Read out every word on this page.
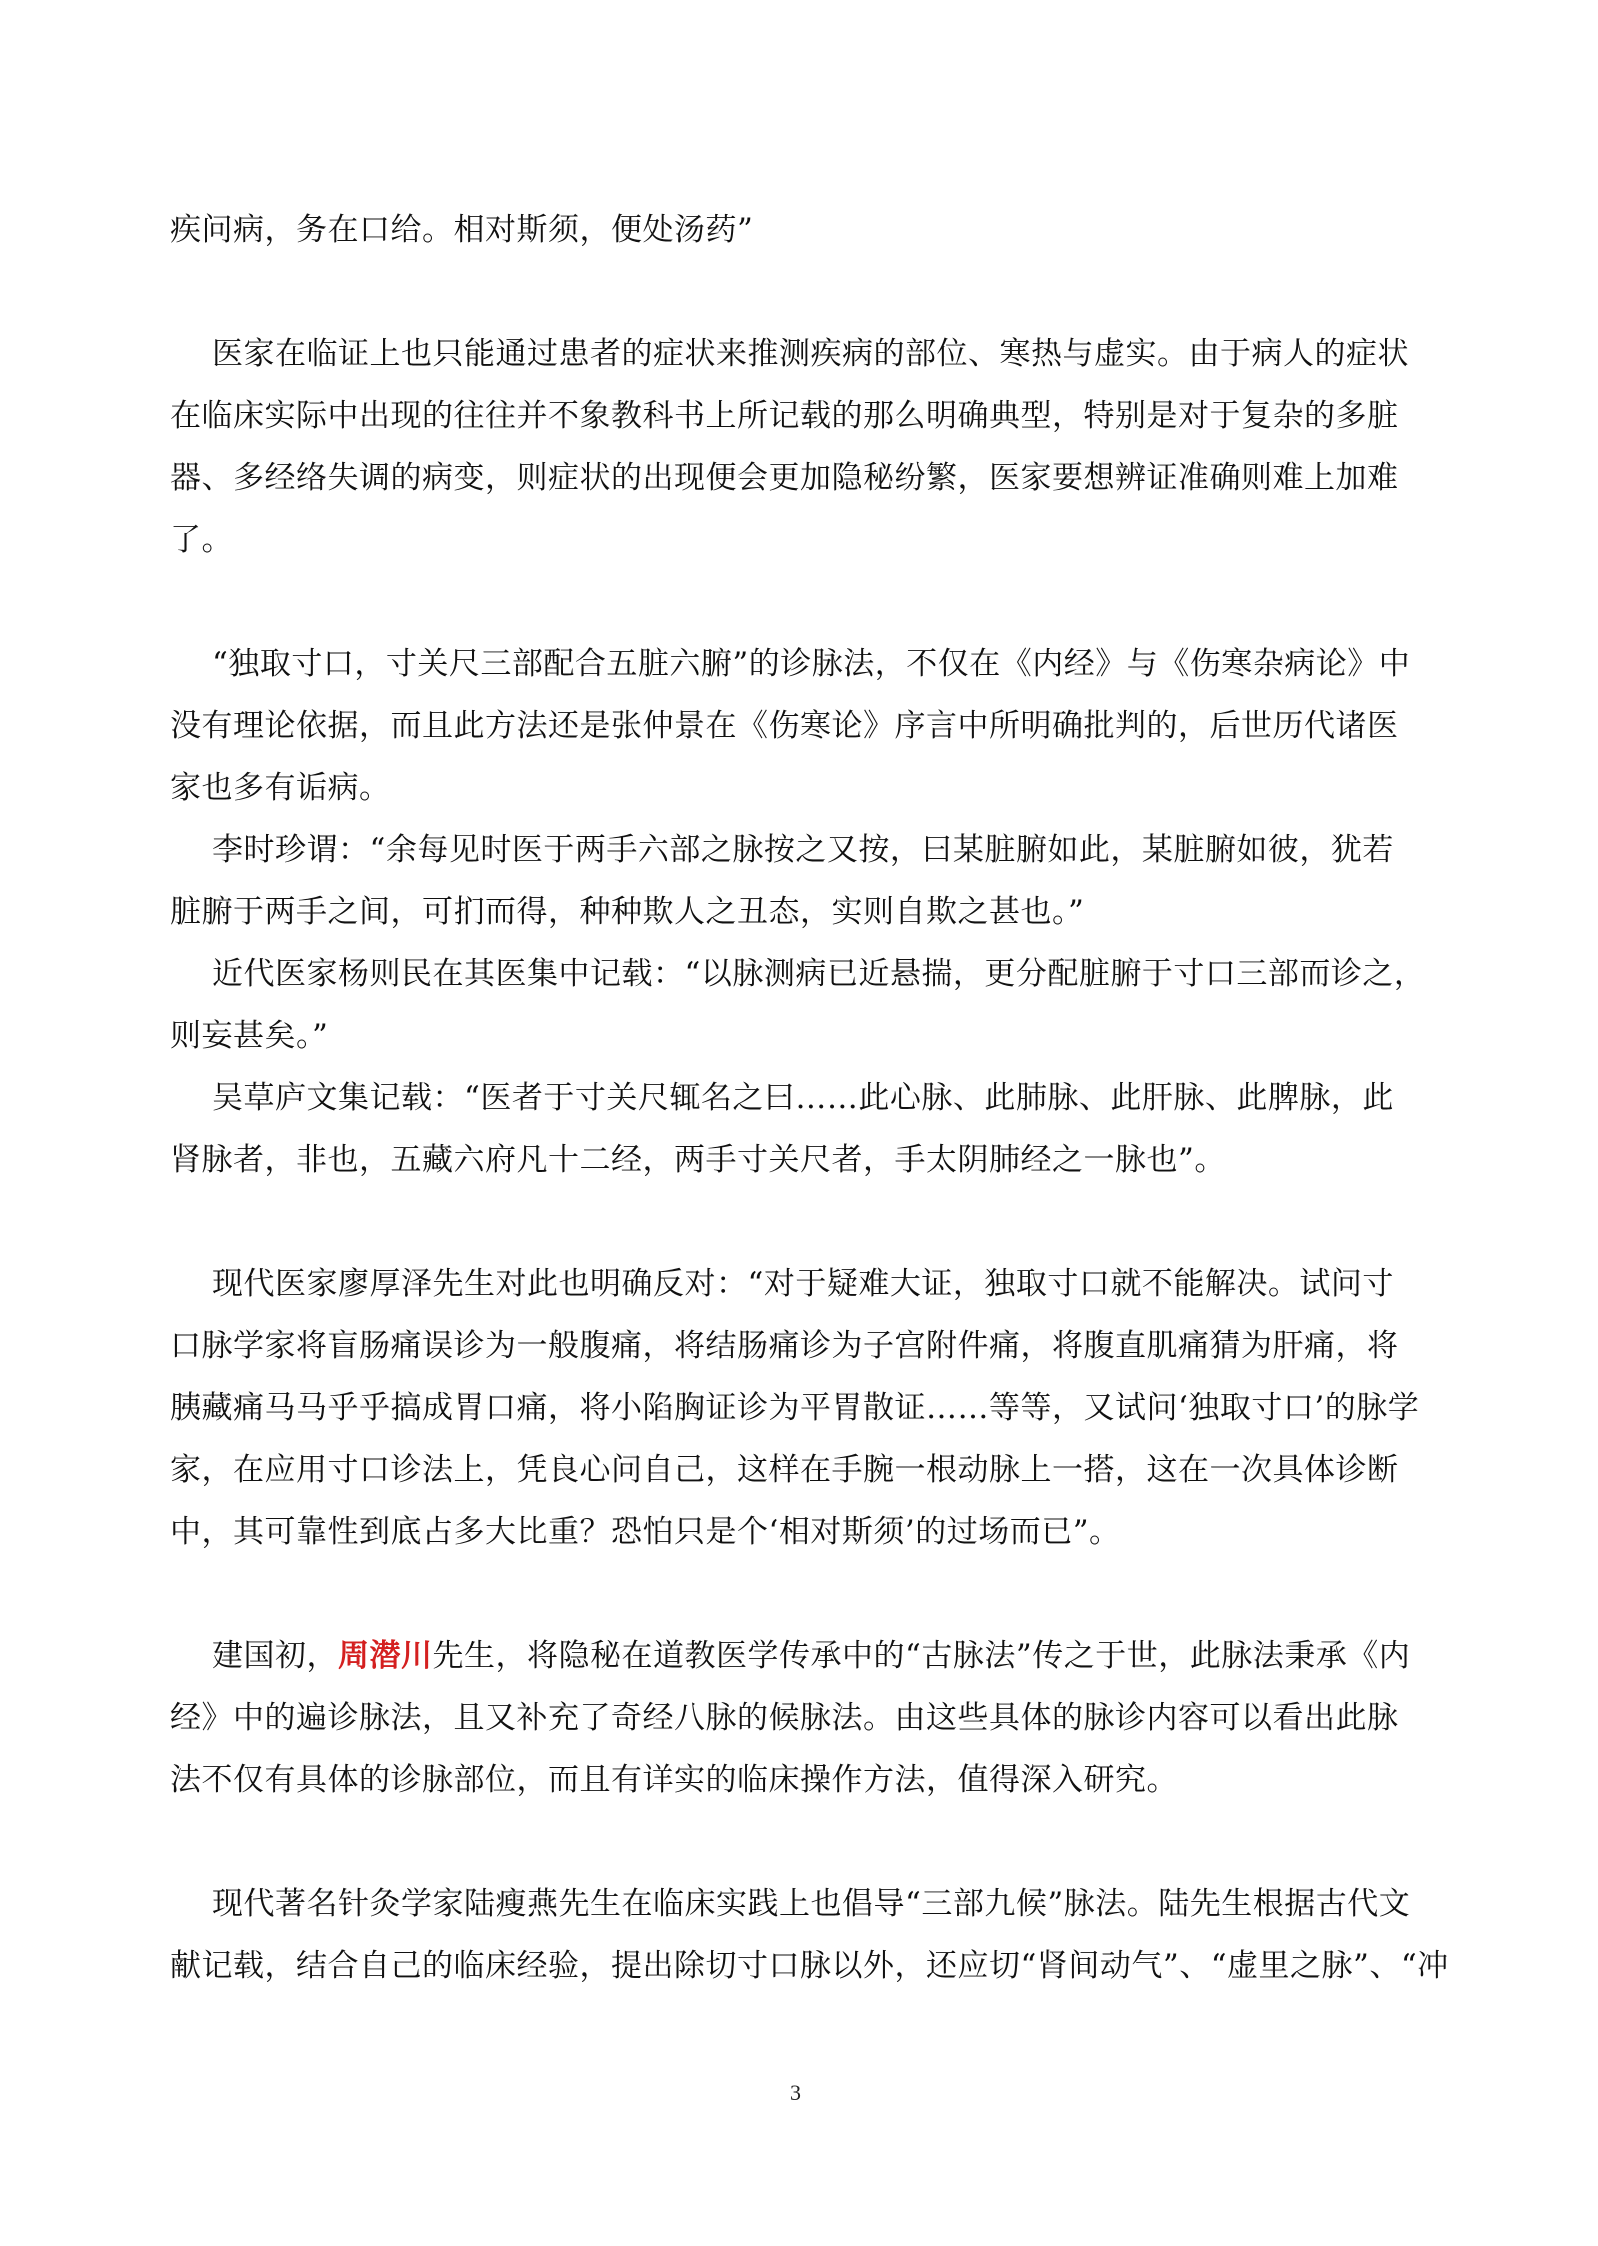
疾问病，务在口给。相对斯须，便处汤药”
医家在临证上也只能通过患者的症状来推测疾病的部位、寒热与虚实。由于病人的症状
在临床实际中出现的往往并不象教科书上所记载的那么明确典型，特别是对于复杂的多脏
器、多经络失调的病变，则症状的出现便会更加隐秘纷繁，医家要想辨证准确则难上加难
了。
“独取寸口，寸关尺三部配合五脏六腑”的诊脉法，不仅在《内经》与《伤寒杂病论》中
没有理论依据，而且此方法还是张仲景在《伤寒论》序言中所明确批判的，后世历代诸医
家也多有诟病。
李时珍谓：“余每见时医于两手六部之脉按之又按，曰某脏腑如此，某脏腑如彼，犹若
脏腑于两手之间，可扪而得，种种欺人之丑态，实则自欺之甚也。”
近代医家杨则民在其医集中记载：“以脉测病已近悬揣，更分配脏腑于寸口三部而诊之，
则妄甚矣。”
吴草庐文集记载：“医者于寸关尺辄名之曰……此心脉、此肺脉、此肝脉、此脾脉，此
肾脉者，非也，五藏六府凡十二经，两手寸关尺者，手太阴肺经之一脉也”。
现代医家廖厚泽先生对此也明确反对：“对于疑难大证，独取寸口就不能解决。试问寸
口脉学家将盲肠痛误诊为一般腹痛，将结肠痛诊为子宫附件痛，将腹直肌痛猜为肝痛，将
胰藏痛马马乎乎搞成胃口痛，将小陷胸证诊为平胃散证……等等，又试问‘独取寸口’的脉学
家，在应用寸口诊法上，凭良心问自己，这样在手腕一根动脉上一搭，这在一次具体诊断
中，其可靠性到底占多大比重？恐怕只是个‘相对斯须’的过场而已”。
建国初，周潜川先生，将隐秘在道教医学传承中的“古脉法”传之于世，此脉法秉承《内
经》中的遍诊脉法，且又补充了奇经八脉的候脉法。由这些具体的脉诊内容可以看出此脉
法不仅有具体的诊脉部位，而且有详实的临床操作方法，值得深入研究。
现代著名针灸学家陆瘦燕先生在临床实践上也倡导“三部九候”脉法。陆先生根据古代文
献记载，结合自己的临床经验，提出除切寸口脉以外，还应切“肾间动气”、“虚里之脉”、“冲
3
